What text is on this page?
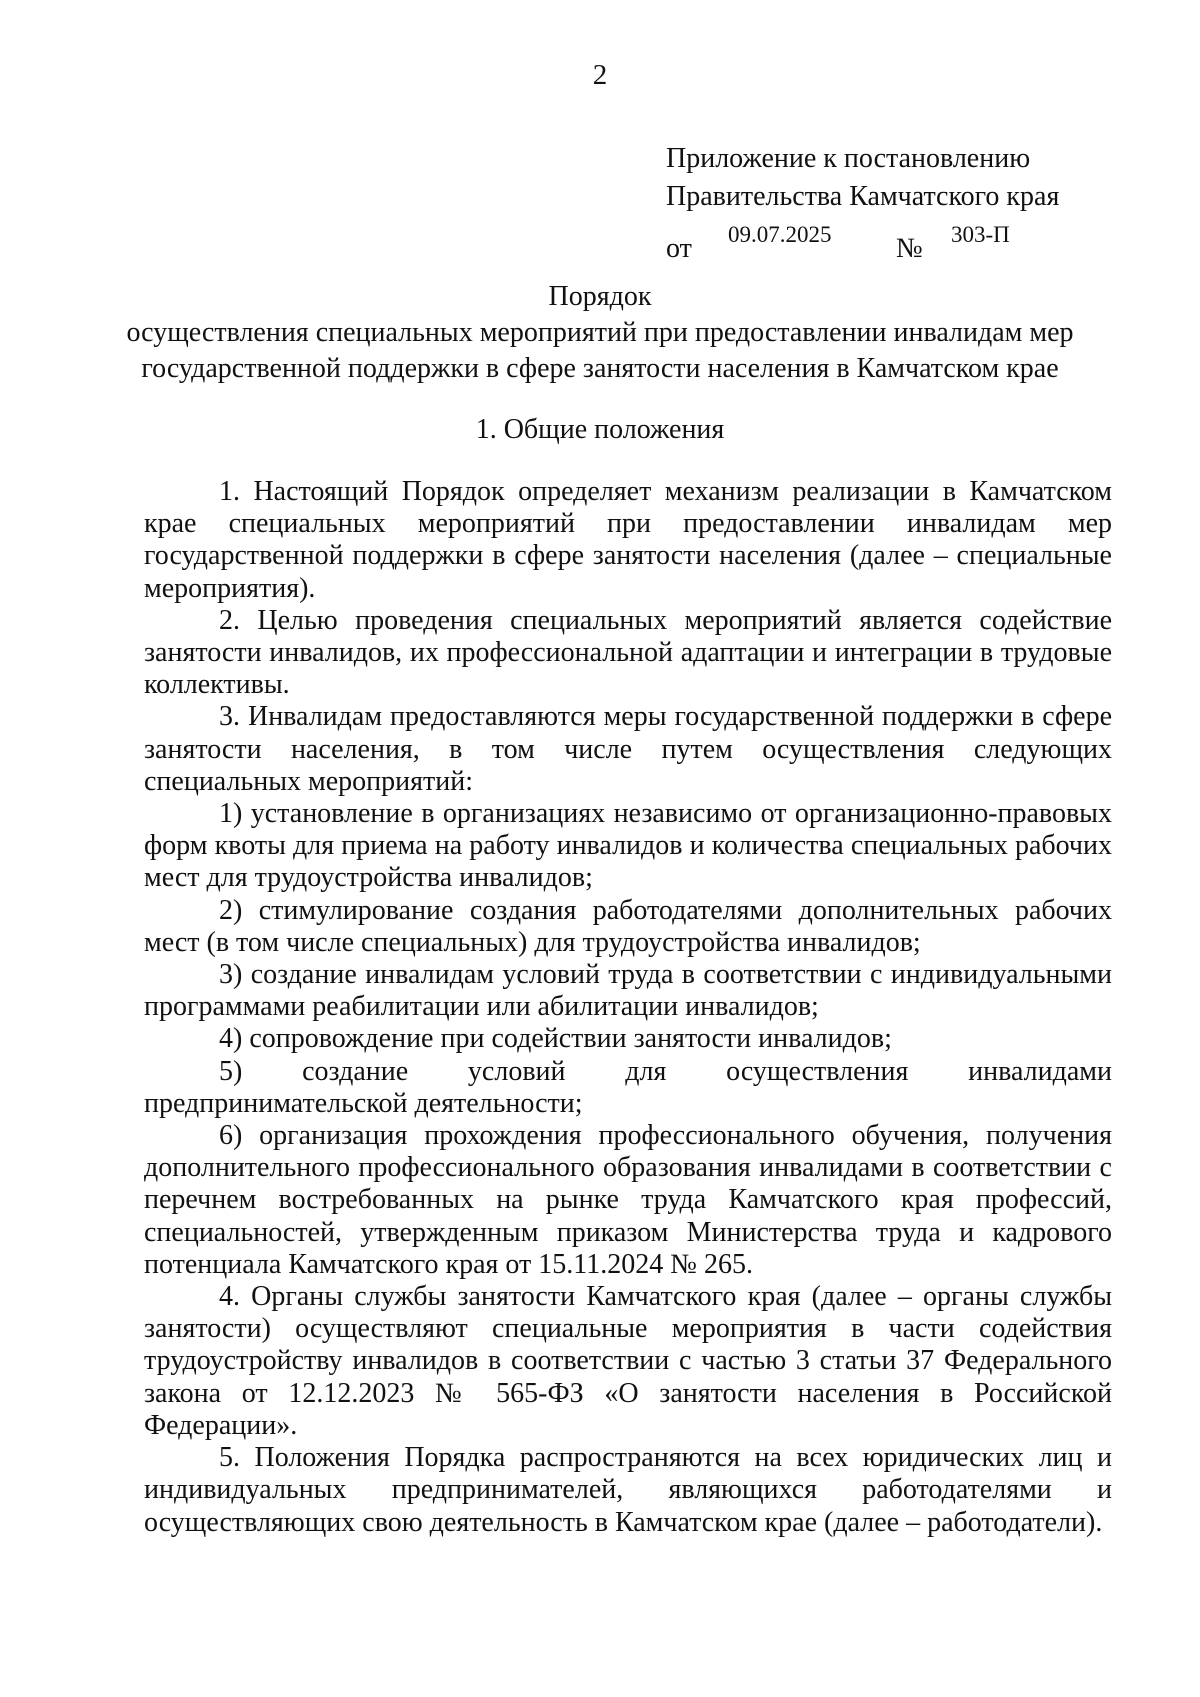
2
Приложение к постановлению
Правительства Камчатского края
от 09.07.2025 № 303-П
Порядок
осуществления специальных мероприятий при предоставлении инвалидам мер
государственной поддержки в сфере занятости населения в Камчатском крае
1. Общие положения

1. Настоящий Порядок определяет механизм реализации в Камчатском крае специальных мероприятий при предоставлении инвалидам мер государственной поддержки в сфере занятости населения (далее – специальные мероприятия).

2. Целью проведения специальных мероприятий является содействие занятости инвалидов, их профессиональной адаптации и интеграции в трудовые коллективы.

3. Инвалидам предоставляются меры государственной поддержки в сфере занятости населения, в том числе путем осуществления следующих специальных мероприятий:

1) установление в организациях независимо от организационно-правовых форм квоты для приема на работу инвалидов и количества специальных рабочих мест для трудоустройства инвалидов;

2) стимулирование создания работодателями дополнительных рабочих мест (в том числе специальных) для трудоустройства инвалидов;

3) создание инвалидам условий труда в соответствии с индивидуальными программами реабилитации или абилитации инвалидов;

4) сопровождение при содействии занятости инвалидов;

5) создание условий для осуществления инвалидами предпринимательской деятельности;

6) организация прохождения профессионального обучения, получения дополнительного профессионального образования инвалидами в соответствии с перечнем востребованных на рынке труда Камчатского края профессий, специальностей, утвержденным приказом Министерства труда и кадрового потенциала Камчатского края от 15.11.2024 № 265.

4. Органы службы занятости Камчатского края (далее – органы службы занятости) осуществляют специальные мероприятия в части содействия трудоустройству инвалидов в соответствии с частью 3 статьи 37 Федерального закона от 12.12.2023 № 565-ФЗ «О занятости населения в Российской Федерации».

5. Положения Порядка распространяются на всех юридических лиц и индивидуальных предпринимателей, являющихся работодателями и осуществляющих свою деятельность в Камчатском крае (далее – работодатели).
